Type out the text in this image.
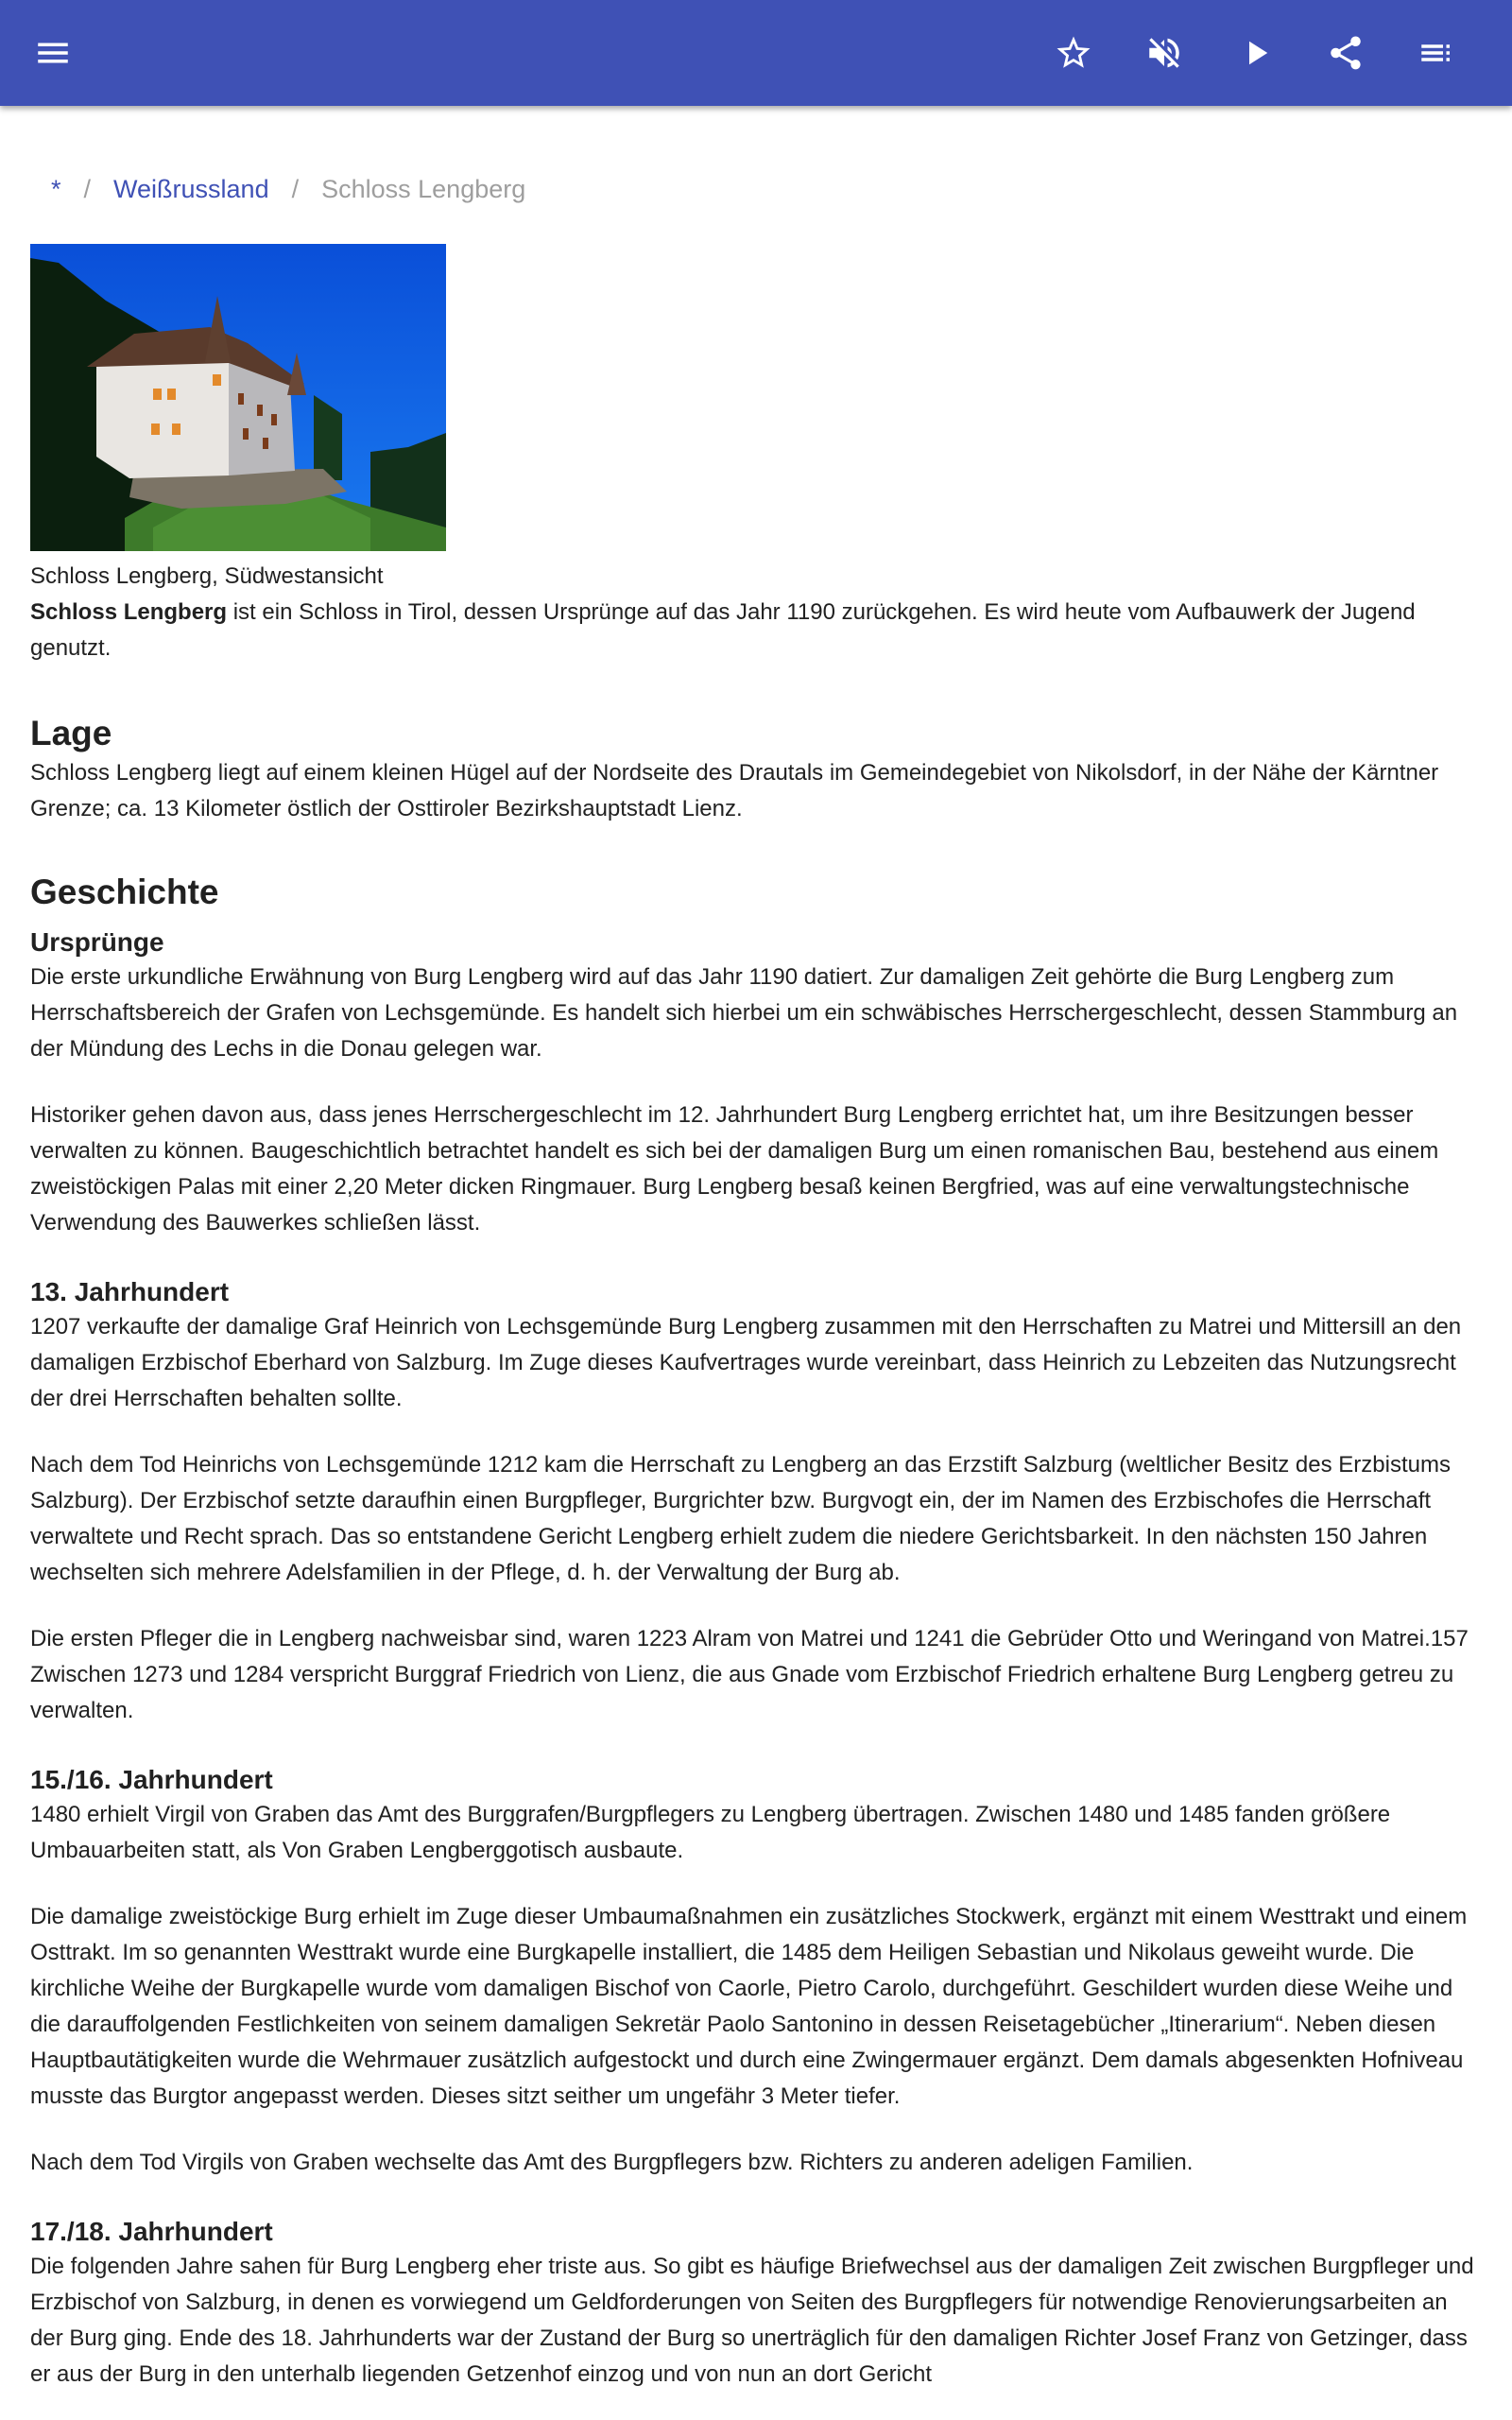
* / Weißrussland / Schloss Lengberg
Schloss Lengberg, Südwestansicht

Schloss Lengberg ist ein Schloss in Tirol, dessen Ursprünge auf das Jahr 1190 zurückgehen. Es wird heute vom Aufbauwerk der Jugend genutzt.

Lage

Schloss Lengberg liegt auf einem kleinen Hügel auf der Nordseite des Drautals im Gemeindegebiet von Nikolsdorf, in der Nähe der Kärntner Grenze; ca. 13 Kilometer östlich der Osttiroler Bezirkshauptstadt Lienz.

Geschichte
Ursprünge

Die erste urkundliche Erwähnung von Burg Lengberg wird auf das Jahr 1190 datiert. Zur damaligen Zeit gehörte die Burg Lengberg zum Herrschaftsbereich der Grafen von Lechsgemünde. Es handelt sich hierbei um ein schwäbisches Herrschergeschlecht, dessen Stammburg an der Mündung des Lechs in die Donau gelegen war.

Historiker gehen davon aus, dass jenes Herrschergeschlecht im 12. Jahrhundert Burg Lengberg errichtet hat, um ihre Besitzungen besser verwalten zu können. Baugeschichtlich betrachtet handelt es sich bei der damaligen Burg um einen romanischen Bau, bestehend aus einem zweistöckigen Palas mit einer 2,20 Meter dicken Ringmauer. Burg Lengberg besaß keinen Bergfried, was auf eine verwaltungstechnische Verwendung des Bauwerkes schließen lässt.

13. Jahrhundert

1207 verkaufte der damalige Graf Heinrich von Lechsgemünde Burg Lengberg zusammen mit den Herrschaften zu Matrei und Mittersill an den damaligen Erzbischof Eberhard von Salzburg. Im Zuge dieses Kaufvertrages wurde vereinbart, dass Heinrich zu Lebzeiten das Nutzungsrecht der drei Herrschaften behalten sollte.

Nach dem Tod Heinrichs von Lechsgemünde 1212 kam die Herrschaft zu Lengberg an das Erzstift Salzburg (weltlicher Besitz des Erzbistums Salzburg). Der Erzbischof setzte daraufhin einen Burgpfleger, Burgrichter bzw. Burgvogt ein, der im Namen des Erzbischofes die Herrschaft verwaltete und Recht sprach. Das so entstandene Gericht Lengberg erhielt zudem die niedere Gerichtsbarkeit. In den nächsten 150 Jahren wechselten sich mehrere Adelsfamilien in der Pflege, d. h. der Verwaltung der Burg ab.

Die ersten Pfleger die in Lengberg nachweisbar sind, waren 1223 Alram von Matrei und 1241 die Gebrüder Otto und Weringand von Matrei.157 Zwischen 1273 und 1284 verspricht Burggraf Friedrich von Lienz, die aus Gnade vom Erzbischof Friedrich erhaltene Burg Lengberg getreu zu verwalten.

15./16. Jahrhundert

1480 erhielt Virgil von Graben das Amt des Burggrafen/Burgpflegers zu Lengberg übertragen. Zwischen 1480 und 1485 fanden größere Umbauarbeiten statt, als Von Graben Lengberggotisch ausbaute.

Die damalige zweistöckige Burg erhielt im Zuge dieser Umbaumaßnahmen ein zusätzliches Stockwerk, ergänzt mit einem Westtrakt und einem Osttrakt. Im so genannten Westtrakt wurde eine Burgkapelle installiert, die 1485 dem Heiligen Sebastian und Nikolaus geweiht wurde. Die kirchliche Weihe der Burgkapelle wurde vom damaligen Bischof von Caorle, Pietro Carolo, durchgeführt. Geschildert wurden diese Weihe und die darauffolgenden Festlichkeiten von seinem damaligen Sekretär Paolo Santonino in dessen Reisetagebücher „Itinerarium“. Neben diesen Hauptbautätigkeiten wurde die Wehrmauer zusätzlich aufgestockt und durch eine Zwingermauer ergänzt. Dem damals abgesenkten Hofniveau musste das Burgtor angepasst werden. Dieses sitzt seither um ungefähr 3 Meter tiefer.

Nach dem Tod Virgils von Graben wechselte das Amt des Burgpflegers bzw. Richters zu anderen adeligen Familien.

17./18. Jahrhundert

Die folgenden Jahre sahen für Burg Lengberg eher triste aus. So gibt es häufige Briefwechsel aus der damaligen Zeit zwischen Burgpfleger und Erzbischof von Salzburg, in denen es vorwiegend um Geldforderungen von Seiten des Burgpflegers für notwendige Renovierungsarbeiten an der Burg ging. Ende des 18. Jahrhunderts war der Zustand der Burg so unerträglich für den damaligen Richter Josef Franz von Getzinger, dass er aus der Burg in den unterhalb liegenden Getzenhof einzog und von nun an dort Gericht
